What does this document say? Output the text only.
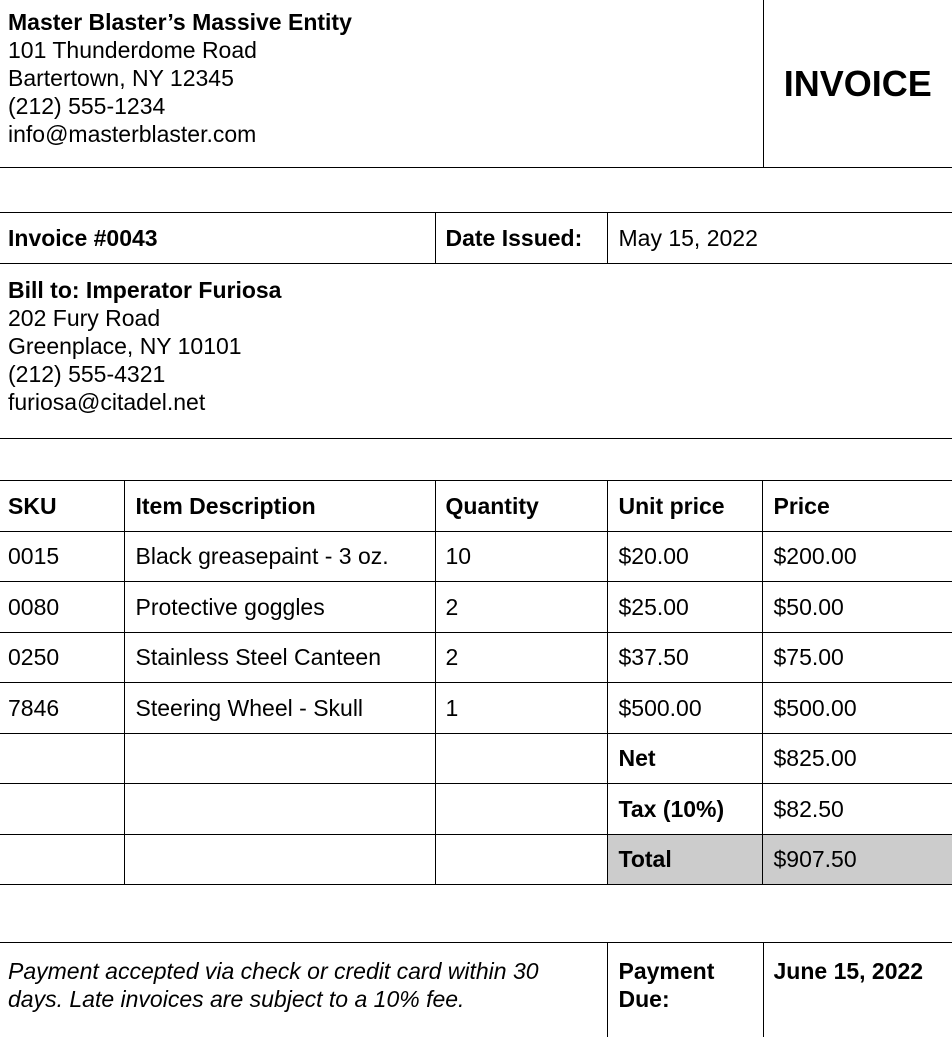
Master Blaster’s Massive Entity
101 Thunderdome Road
Bartertown, NY 12345
(212) 555-1234
info@masterblaster.com
	INVOICE
Invoice #0043	Date Issued:	May 15, 2022

Bill to: Imperator Furiosa
202 Fury Road
Greenplace, NY 10101
(212) 555-4321
furiosa@citadel.net
SKU	Item Description	Quantity	Unit price	Price
0015	Black greasepaint - 3 oz.	10	$20.00	$200.00
0080	Protective goggles	2	$25.00	$50.00
0250	Stainless Steel Canteen	2	$37.50	$75.00
7846	Steering Wheel - Skull	1	$500.00	$500.00
			Net	$825.00
			Tax (10%)	$82.50
			Total	$907.50
Payment accepted via check or credit card within 30 days. Late invoices are subject to a 10% fee.	Payment Due:	June 15, 2022
